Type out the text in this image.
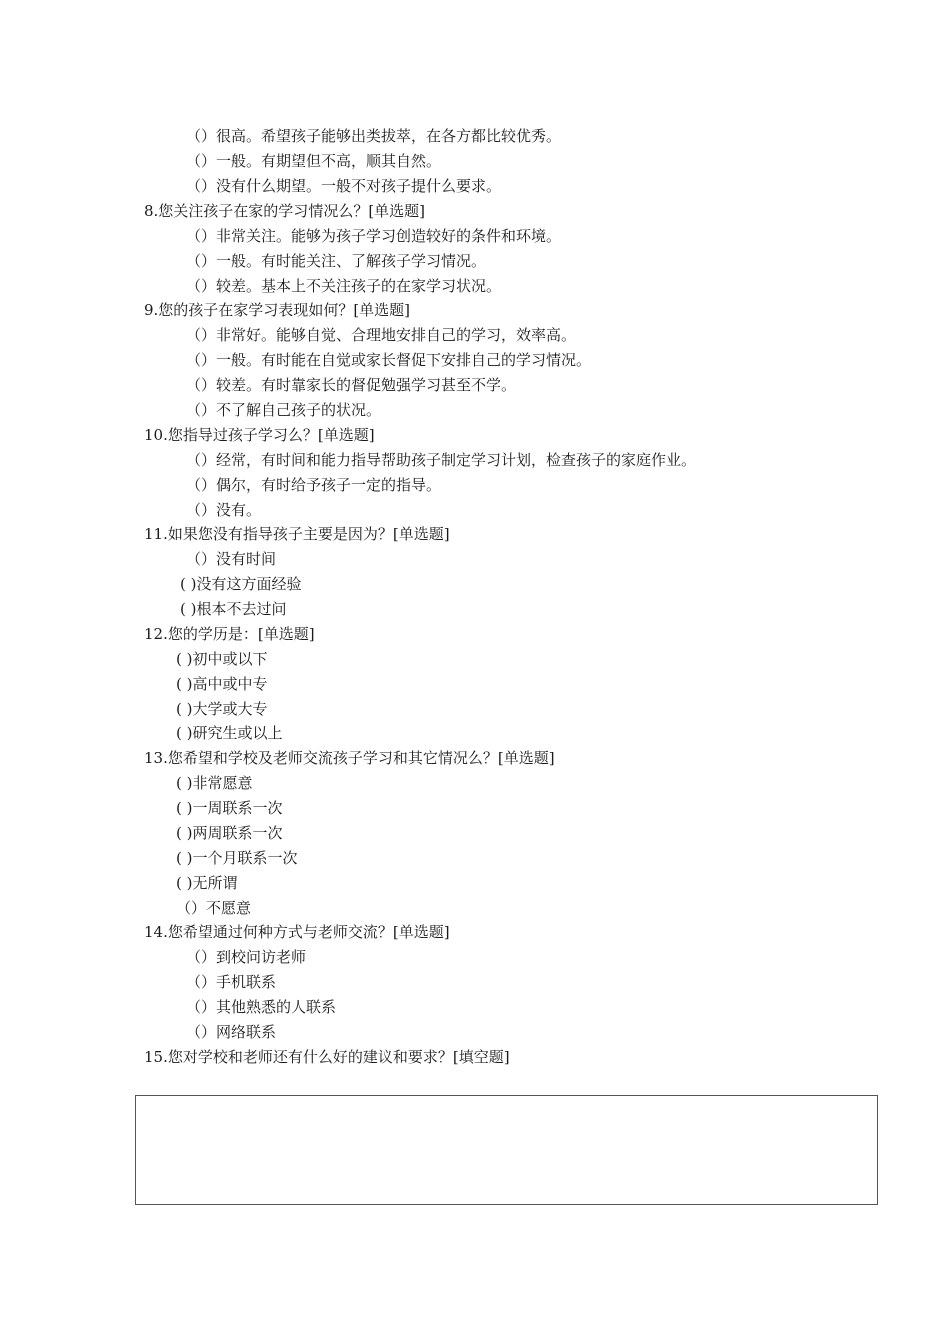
（）很高。希望孩子能够出类拔萃，在各方都比较优秀。
（）一般。有期望但不高，顺其自然。
（）没有什么期望。一般不对孩子提什么要求。
8.您关注孩子在家的学习情况么？[单选题]
（）非常关注。能够为孩子学习创造较好的条件和环境。
（）一般。有时能关注、了解孩子学习情况。
（）较差。基本上不关注孩子的在家学习状况。
9.您的孩子在家学习表现如何？[单选题]
（）非常好。能够自觉、合理地安排自己的学习，效率高。
（）一般。有时能在自觉或家长督促下安排自己的学习情况。
（）较差。有时靠家长的督促勉强学习甚至不学。
（）不了解自己孩子的状况。
10.您指导过孩子学习么？[单选题]
（）经常，有时间和能力指导帮助孩子制定学习计划，检查孩子的家庭作业。
（）偶尔，有时给予孩子一定的指导。
（）没有。
11.如果您没有指导孩子主要是因为？[单选题]
（）没有时间
( )没有这方面经验
( )根本不去过问
12.您的学历是：[单选题]
( )初中或以下
( )高中或中专
( )大学或大专
( )研究生或以上
13.您希望和学校及老师交流孩子学习和其它情况么？[单选题]
( )非常愿意
( )一周联系一次
( )两周联系一次
( )一个月联系一次
( )无所谓
（）不愿意
14.您希望通过何种方式与老师交流？[单选题]
（）到校问访老师
（）手机联系
（）其他熟悉的人联系
（）网络联系
15.您对学校和老师还有什么好的建议和要求？[填空题]
